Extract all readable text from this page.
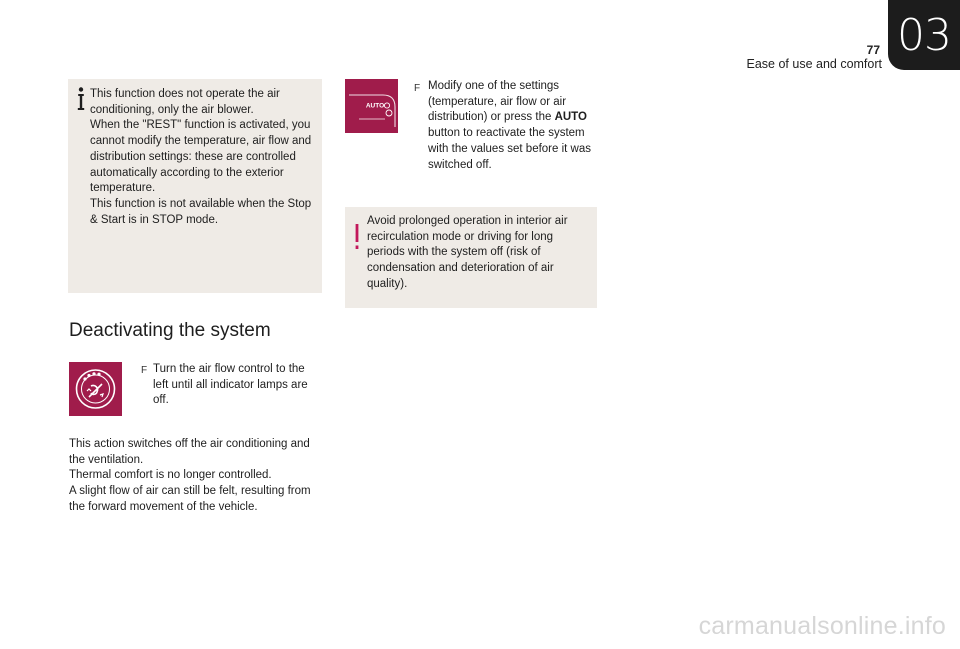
77
Ease of use and comfort
03
This function does not operate the air conditioning, only the air blower.
When the "REST" function is activated, you cannot modify the temperature, air flow and distribution settings: these are controlled automatically according to the exterior temperature.
This function is not available when the Stop & Start is in STOP mode.
Deactivating the system
F Turn the air flow control to the left until all indicator lamps are off.
This action switches off the air conditioning and the ventilation.
Thermal comfort is no longer controlled.
A slight flow of air can still be felt, resulting from the forward movement of the vehicle.
AUTO
F Modify one of the settings (temperature, air flow or air distribution) or press the AUTO button to reactivate the system with the values set before it was switched off.
Avoid prolonged operation in interior air recirculation mode or driving for long periods with the system off (risk of condensation and deterioration of air quality).
carmanualsonline.info
